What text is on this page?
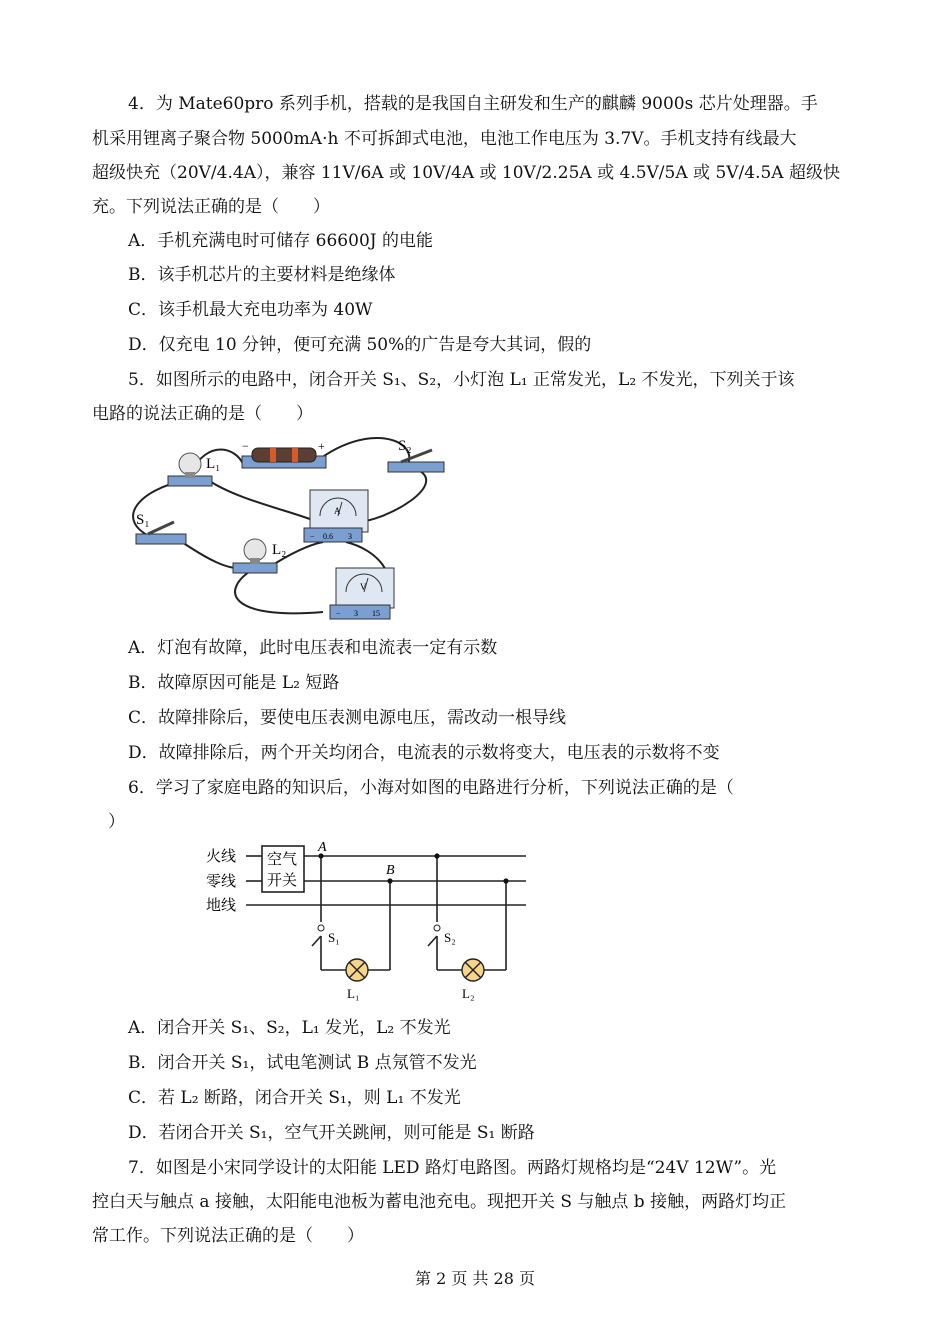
4．为 Mate60pro 系列手机，搭载的是我国自主研发和生产的麒麟 9000s 芯片处理器。手
机采用锂离子聚合物 5000mA·h 不可拆卸式电池，电池工作电压为 3.7V。手机支持有线最大
超级快充（20V/4.4A），兼容 11V/6A 或 10V/4A 或 10V/2.25A 或 4.5V/5A 或 5V/4.5A 超级快
充。下列说法正确的是（　　）
A．手机充满电时可储存 66600J 的电能
B．该手机芯片的主要材料是绝缘体
C．该手机最大充电功率为 40W
D．仅充电 10 分钟，便可充满 50%的广告是夸大其词，假的
5．如图所示的电路中，闭合开关 S₁、S₂，小灯泡 L₁ 正常发光，L₂ 不发光，下列关于该
电路的说法正确的是（　　）
−	+
L₁
S₂
S₁
A
− 0.6 3
L₂
V
− 3 15
A．灯泡有故障，此时电压表和电流表一定有示数
B．故障原因可能是 L₂ 短路
C．故障排除后，要使电压表测电源电压，需改动一根导线
D．故障排除后，两个开关均闭合，电流表的示数将变大，电压表的示数将不变
6．学习了家庭电路的知识后，小海对如图的电路进行分析，下列说法正确的是（
）
火线
零线
地线
空气
开关
A
B
S₁	S₂
L₁	L₂
A．闭合开关 S₁、S₂，L₁ 发光，L₂ 不发光
B．闭合开关 S₁，试电笔测试 B 点氖管不发光
C．若 L₂ 断路，闭合开关 S₁，则 L₁ 不发光
D．若闭合开关 S₁，空气开关跳闸，则可能是 S₁ 断路
7．如图是小宋同学设计的太阳能 LED 路灯电路图。两路灯规格均是“24V 12W”。光
控白天与触点 a 接触，太阳能电池板为蓄电池充电。现把开关 S 与触点 b 接触，两路灯均正
常工作。下列说法正确的是（　　）
第 2 页 共 28 页
